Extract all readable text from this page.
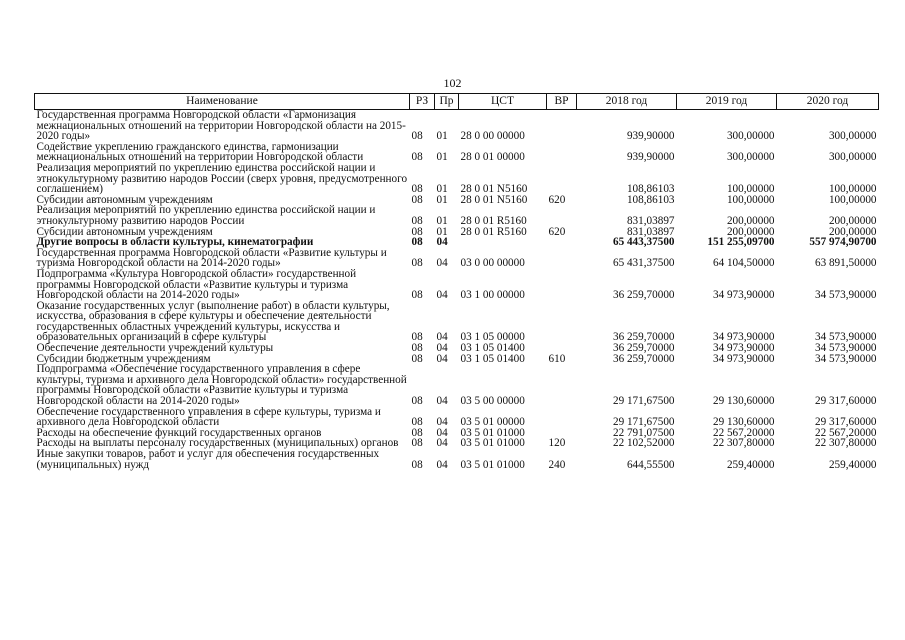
102
Наименование	РЗ	Пр	ЦСТ	ВР	2018 год	2019 год	2020 год
Государственная программа Новгородской области «Гармонизация межнациональных отношений на территории Новгородской области на 2015-2020 годы»	08	01	28 0 00 00000		939,90000	300,00000	300,00000
Содействие укреплению гражданского единства, гармонизации межнациональных отношений на территории Новгородской области	08	01	28 0 01 00000		939,90000	300,00000	300,00000
Реализация мероприятий по укреплению единства российской нации и этнокультурному развитию народов России (сверх уровня, предусмотренного соглашением)	08	01	28 0 01 N5160		108,86103	100,00000	100,00000
Субсидии автономным учреждениям	08	01	28 0 01 N5160	620	108,86103	100,00000	100,00000
Реализация мероприятий по укреплению единства российской нации и этнокультурному развитию народов России	08	01	28 0 01 R5160		831,03897	200,00000	200,00000
Субсидии автономным учреждениям	08	01	28 0 01 R5160	620	831,03897	200,00000	200,00000
Другие вопросы в области культуры, кинематографии	08	04			65 443,37500	151 255,09700	557 974,90700
Государственная программа Новгородской области «Развитие культуры и туризма Новгородской области на 2014-2020 годы»	08	04	03 0 00 00000		65 431,37500	64 104,50000	63 891,50000
Подпрограмма «Культура Новгородской области» государственной программы Новгородской области «Развитие культуры и туризма Новгородской области на 2014-2020 годы»	08	04	03 1 00 00000		36 259,70000	34 973,90000	34 573,90000
Оказание государственных услуг (выполнение работ) в области культуры, искусства, образования в сфере культуры и обеспечение деятельности государственных областных учреждений культуры, искусства и образовательных организаций в сфере культуры	08	04	03 1 05 00000		36 259,70000	34 973,90000	34 573,90000
Обеспечение деятельности учреждений культуры	08	04	03 1 05 01400		36 259,70000	34 973,90000	34 573,90000
Субсидии бюджетным учреждениям	08	04	03 1 05 01400	610	36 259,70000	34 973,90000	34 573,90000
Подпрограмма «Обеспечение государственного управления в сфере культуры, туризма и архивного дела Новгородской области» государственной программы Новгородской области «Развитие культуры и туризма Новгородской области на 2014-2020 годы»	08	04	03 5 00 00000		29 171,67500	29 130,60000	29 317,60000
Обеспечение государственного управления в сфере культуры, туризма и архивного дела Новгородской области	08	04	03 5 01 00000		29 171,67500	29 130,60000	29 317,60000
Расходы на обеспечение функций государственных органов	08	04	03 5 01 01000		22 791,07500	22 567,20000	22 567,20000
Расходы на выплаты персоналу государственных (муниципальных) органов	08	04	03 5 01 01000	120	22 102,52000	22 307,80000	22 307,80000
Иные закупки товаров, работ и услуг для обеспечения государственных (муниципальных) нужд	08	04	03 5 01 01000	240	644,55500	259,40000	259,40000
